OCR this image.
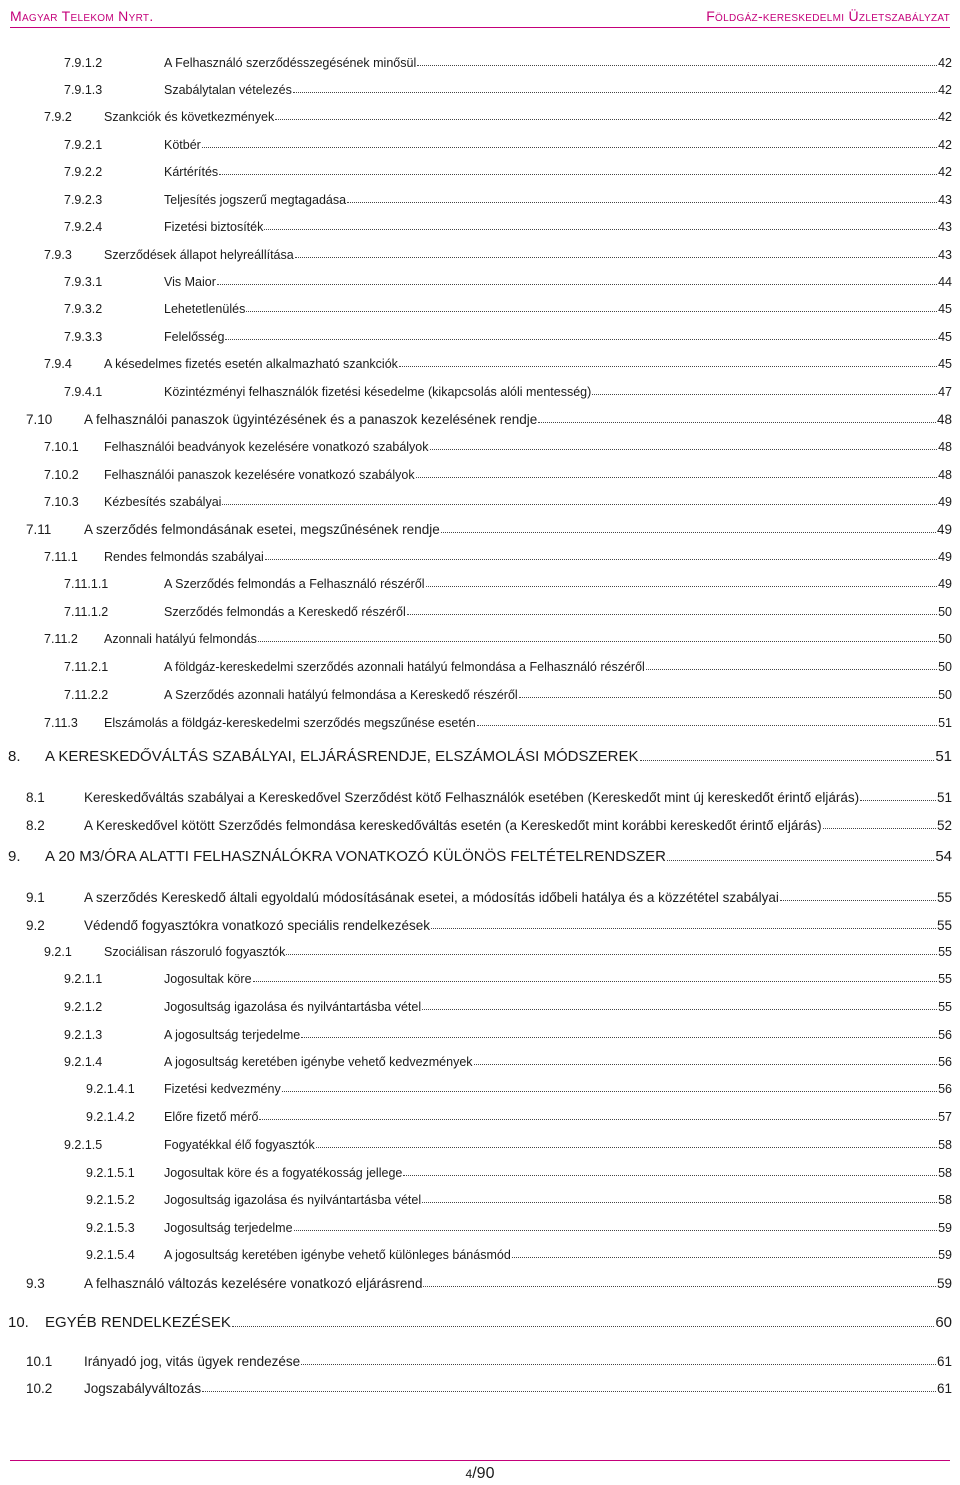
Magyar Telekom Nyrt.	Földgáz-kereskedelmi Üzletszabályzat
7.9.1.2	A Felhasználó szerződésszegésének minősül	42
7.9.1.3	Szabálytalan vételezés	42
7.9.2	Szankciók és következmények	42
7.9.2.1	Kötbér	42
7.9.2.2	Kártérítés	42
7.9.2.3	Teljesítés jogszerű megtagadása	43
7.9.2.4	Fizetési biztosíték	43
7.9.3	Szerződések állapot helyreállítása	43
7.9.3.1	Vis Maior	44
7.9.3.2	Lehetetlenülés	45
7.9.3.3	Felelősség	45
7.9.4	A késedelmes fizetés esetén alkalmazható szankciók	45
7.9.4.1	Közintézményi felhasználók fizetési késedelme (kikapcsolás alóli mentesség)	47
7.10	A felhasználói panaszok ügyintézésének és a panaszok kezelésének rendje	48
7.10.1	Felhasználói beadványok kezelésére vonatkozó szabályok	48
7.10.2	Felhasználói panaszok kezelésére vonatkozó szabályok	48
7.10.3	Kézbesítés szabályai	49
7.11	A szerződés felmondásának esetei, megszűnésének rendje	49
7.11.1	Rendes felmondás szabályai	49
7.11.1.1	A Szerződés felmondás a Felhasználó részéről	49
7.11.1.2	Szerződés felmondás a Kereskedő részéről	50
7.11.2	Azonnali hatályú felmondás	50
7.11.2.1	A földgáz-kereskedelmi szerződés azonnali hatályú felmondása a Felhasználó részéről	50
7.11.2.2	A Szerződés azonnali hatályú felmondása a Kereskedő részéről	50
7.11.3	Elszámolás a földgáz-kereskedelmi szerződés megszűnése esetén	51
8.	A KERESKEDŐVÁLTÁS SZABÁLYAI, ELJÁRÁSRENDJE, ELSZÁMOLÁSI MÓDSZEREK	51
8.1	Kereskedőváltás szabályai a Kereskedővel Szerződést kötő Felhasználók esetében (Kereskedőt mint új kereskedőt érintő eljárás)	51
8.2	A Kereskedővel kötött Szerződés felmondása kereskedőváltás esetén (a Kereskedőt mint korábbi kereskedőt érintő eljárás)	52
9.	A 20 M3/ÓRA ALATTI FELHASZNÁLÓKRA VONATKOZÓ KÜLÖNÖS FELTÉTELRENDSZER	54
9.1	A szerződés Kereskedő általi egyoldalú módosításának esetei, a módosítás időbeli hatálya és a közzététel szabályai	55
9.2	Védendő fogyasztókra vonatkozó speciális rendelkezések	55
9.2.1	Szociálisan rászoruló fogyasztók	55
9.2.1.1	Jogosultak köre	55
9.2.1.2	Jogosultság igazolása és nyilvántartásba vétel	55
9.2.1.3	A jogosultság terjedelme	56
9.2.1.4	A jogosultság keretében igénybe vehető kedvezmények	56
9.2.1.4.1	Fizetési kedvezmény	56
9.2.1.4.2	Előre fizető mérő	57
9.2.1.5	Fogyatékkal élő fogyasztók	58
9.2.1.5.1	Jogosultak köre és a fogyatékosság jellege	58
9.2.1.5.2	Jogosultság igazolása és nyilvántartásba vétel	58
9.2.1.5.3	Jogosultság terjedelme	59
9.2.1.5.4	A jogosultság keretében igénybe vehető különleges bánásmód	59
9.3	A felhasználó változás kezelésére vonatkozó eljárásrend	59
10.	EGYÉB RENDELKEZÉSEK	60
10.1	Irányadó jog, vitás ügyek rendezése	61
10.2	Jogszabályváltozás	61
4/90
